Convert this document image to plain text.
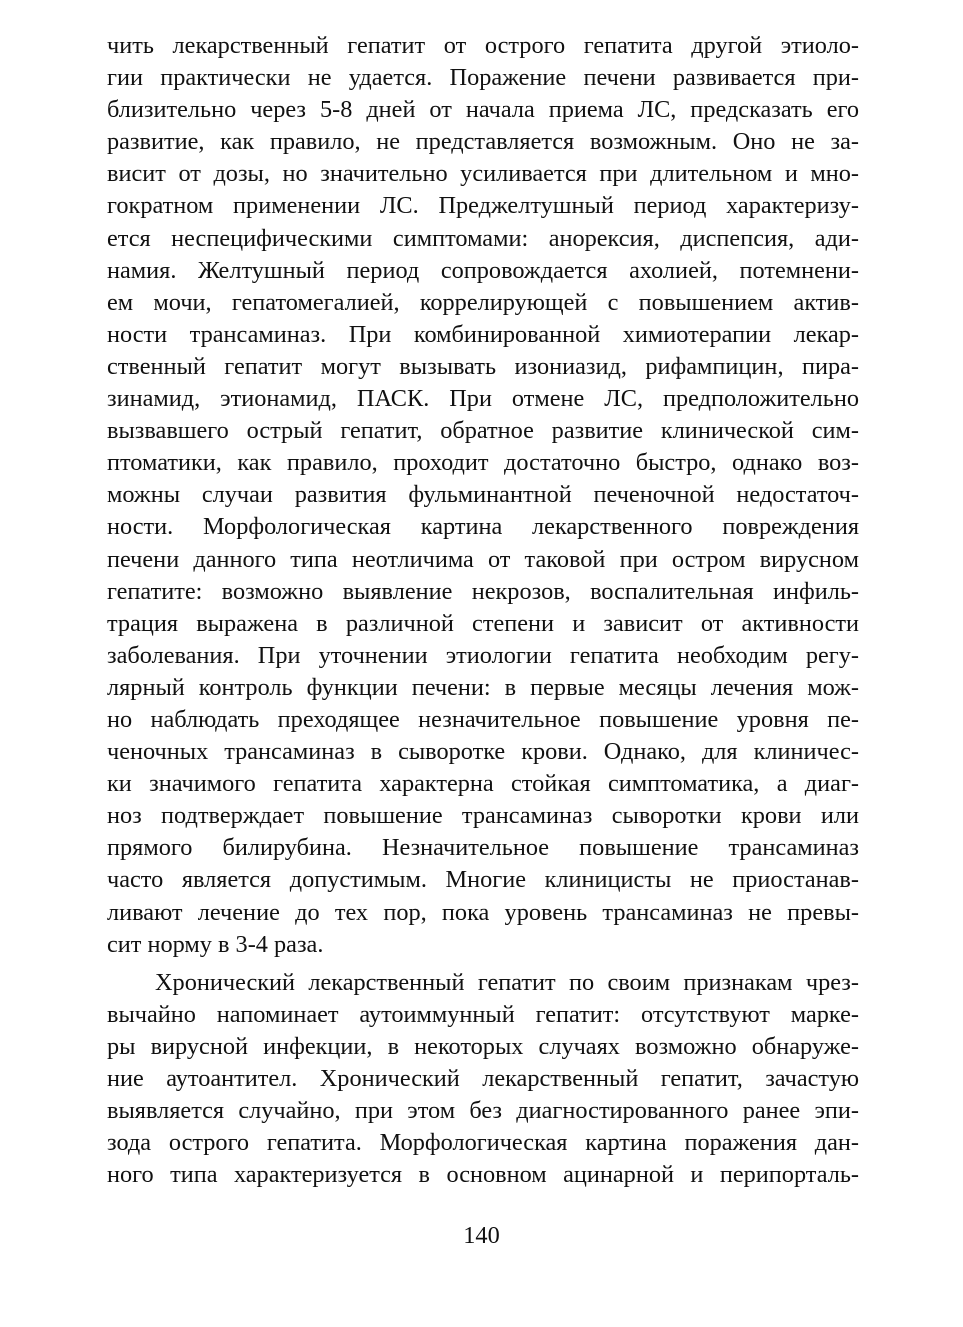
чить лекарственный гепатит от острого гепатита другой этиоло-
гии практически не удается. Поражение печени развивается при-
близительно через 5-8 дней от начала приема ЛС, предсказать его
развитие, как правило, не представляется возможным. Оно не за-
висит от дозы, но значительно усиливается при длительном и мно-
гократном применении ЛС. Преджелтушный период характеризу-
ется неспецифическими симптомами: анорексия, диспепсия, ади-
намия. Желтушный период сопровождается ахолией, потемнени-
ем мочи, гепатомегалией, коррелирующей с повышением актив-
ности трансаминаз. При комбинированной химиотерапии лекар-
ственный гепатит могут вызывать изониазид, рифампицин, пира-
зинамид, этионамид, ПАСК. При отмене ЛС, предположительно
вызвавшего острый гепатит, обратное развитие клинической сим-
птоматики, как правило, проходит достаточно быстро, однако воз-
можны случаи развития фульминантной печеночной недостаточ-
ности. Морфологическая картина лекарственного повреждения
печени данного типа неотличима от таковой при остром вирусном
гепатите: возможно выявление некрозов, воспалительная инфиль-
трация выражена в различной степени и зависит от активности
заболевания. При уточнении этиологии гепатита необходим регу-
лярный контроль функции печени: в первые месяцы лечения мож-
но наблюдать преходящее незначительное повышение уровня пе-
ченочных трансаминаз в сыворотке крови. Однако, для клиничес-
ки значимого гепатита характерна стойкая симптоматика, а диаг-
ноз подтверждает повышение трансаминаз сыворотки крови или
прямого билирубина. Незначительное повышение трансаминаз
часто является допустимым. Многие клиницисты не приостанав-
ливают лечение до тех пор, пока уровень трансаминаз не превы-
сит норму в 3-4 раза.
Хронический лекарственный гепатит по своим признакам чрез-
вычайно напоминает аутоиммунный гепатит: отсутствуют марке-
ры вирусной инфекции, в некоторых случаях возможно обнаруже-
ние аутоантител. Хронический лекарственный гепатит, зачастую
выявляется случайно, при этом без диагностированного ранее эпи-
зода острого гепатита. Морфологическая картина поражения дан-
ного типа характеризуется в основном ацинарной и перипорталь-
140
